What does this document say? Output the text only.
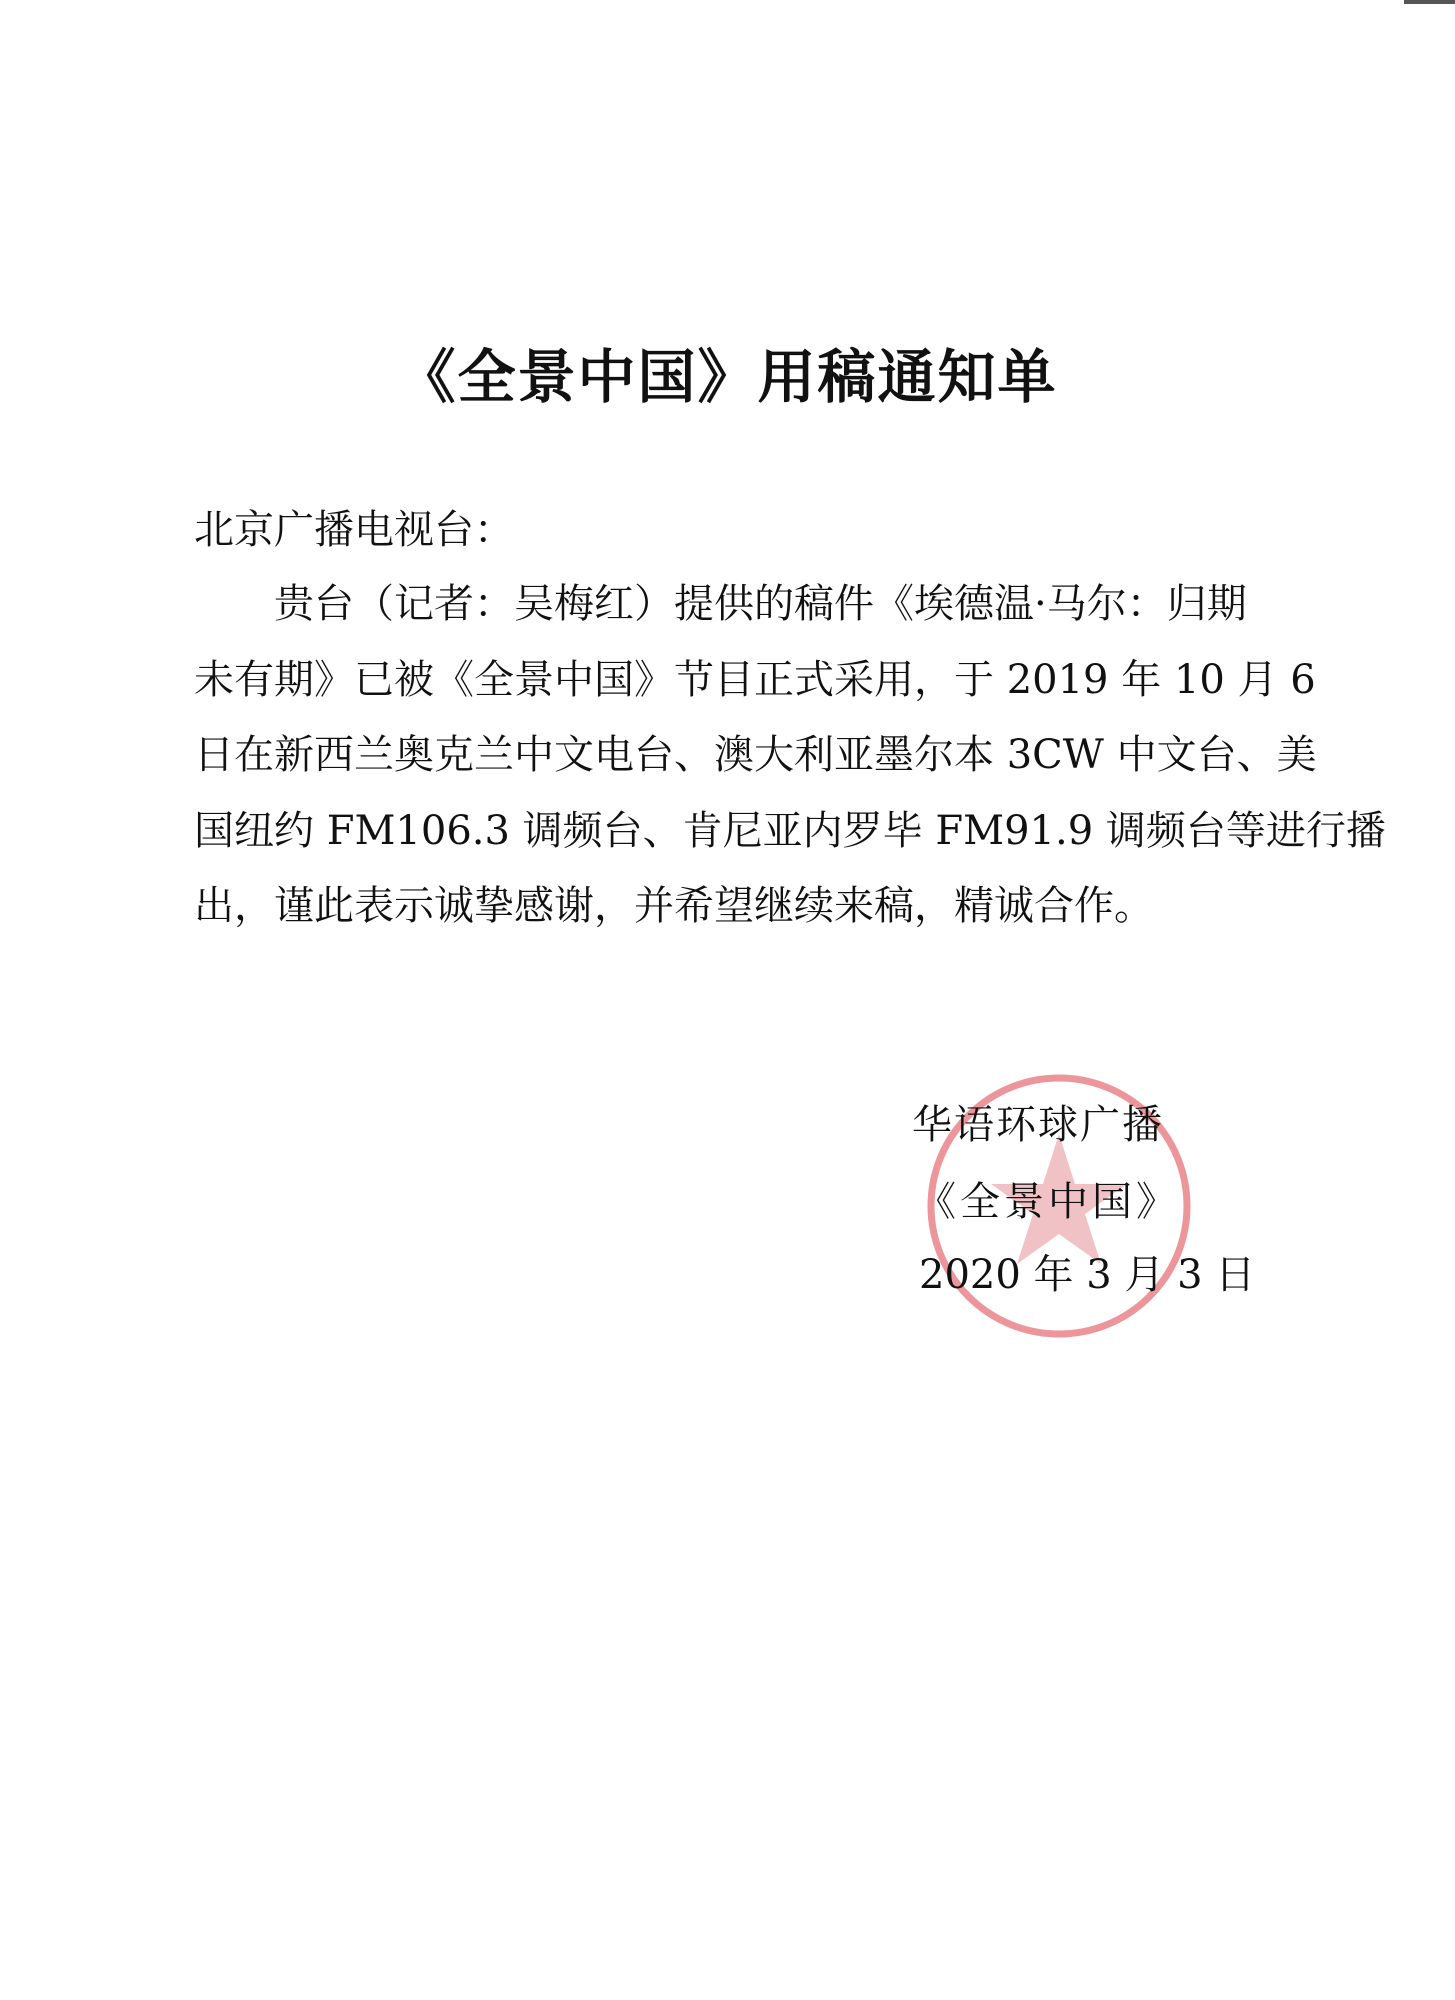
《全景中国》用稿通知单
北京广播电视台：
　　贵台（记者：吴梅红）提供的稿件《埃德温·马尔：归期
未有期》已被《全景中国》节目正式采用，于 2019 年 10 月 6
日在新西兰奥克兰中文电台、澳大利亚墨尔本 3CW 中文台、美
国纽约 FM106.3 调频台、肯尼亚内罗毕 FM91.9 调频台等进行播
出，谨此表示诚挚感谢，并希望继续来稿，精诚合作。
华语环球广播
《全景中国》
2020 年 3 月 3 日
